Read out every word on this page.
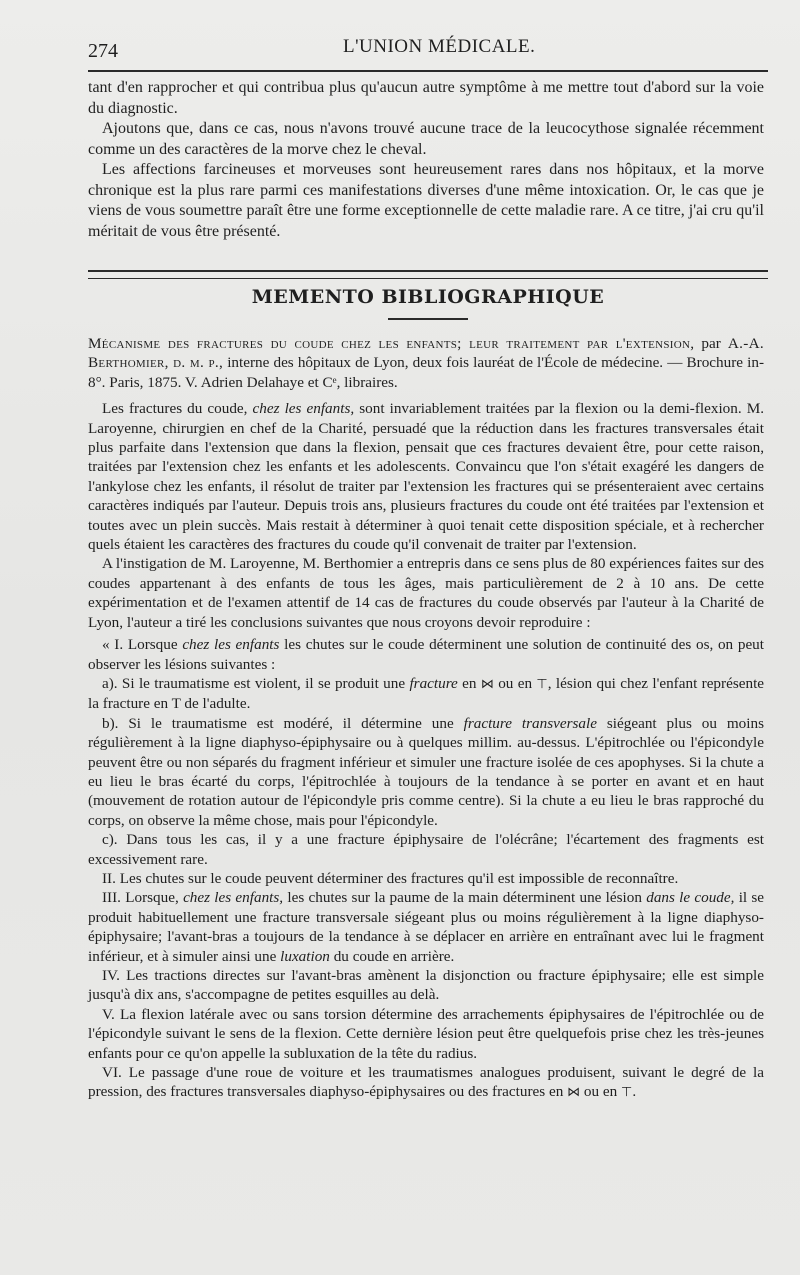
274	L'UNION MÉDICALE.

tant d'en rapprocher et qui contribua plus qu'aucun autre symptôme à me mettre tout d'abord sur la voie du diagnostic.

Ajoutons que, dans ce cas, nous n'avons trouvé aucune trace de la leucocythose signalée récemment comme un des caractères de la morve chez le cheval.

Les affections farcineuses et morveuses sont heureusement rares dans nos hôpitaux, et la morve chronique est la plus rare parmi ces manifestations diverses d'une même intoxication. Or, le cas que je viens de vous soumettre paraît être une forme exceptionnelle de cette maladie rare. A ce titre, j'ai cru qu'il méritait de vous être présenté.

MEMENTO BIBLIOGRAPHIQUE

Mécanisme des fractures du coude chez les enfants; leur traitement par l'extension, par A.-A. Berthomier, d. m. p., interne des hôpitaux de Lyon, deux fois lauréat de l'École de médecine. — Brochure in-8°. Paris, 1875. V. Adrien Delahaye et Cᵉ, libraires.

Les fractures du coude, chez les enfants, sont invariablement traitées par la flexion ou la demi-flexion. M. Laroyenne, chirurgien en chef de la Charité, persuadé que la réduction dans les fractures transversales était plus parfaite dans l'extension que dans la flexion, pensait que ces fractures devaient être, pour cette raison, traitées par l'extension chez les enfants et les adolescents. Convaincu que l'on s'était exagéré les dangers de l'ankylose chez les enfants, il résolut de traiter par l'extension les fractures qui se présenteraient avec certains caractères indiqués par l'auteur. Depuis trois ans, plusieurs fractures du coude ont été traitées par l'extension et toutes avec un plein succès. Mais restait à déterminer à quoi tenait cette disposition spéciale, et à rechercher quels étaient les caractères des fractures du coude qu'il convenait de traiter par l'extension.

A l'instigation de M. Laroyenne, M. Berthomier a entrepris dans ce sens plus de 80 expériences faites sur des coudes appartenant à des enfants de tous les âges, mais particulièrement de 2 à 10 ans. De cette expérimentation et de l'examen attentif de 14 cas de fractures du coude observés par l'auteur à la Charité de Lyon, l'auteur a tiré les conclusions suivantes que nous croyons devoir reproduire :

« I. Lorsque chez les enfants les chutes sur le coude déterminent une solution de continuité des os, on peut observer les lésions suivantes :

a). Si le traumatisme est violent, il se produit une fracture en ⋈ ou en ⊤, lésion qui chez l'enfant représente la fracture en T de l'adulte.

b). Si le traumatisme est modéré, il détermine une fracture transversale siégeant plus ou moins régulièrement à la ligne diaphyso-épiphysaire ou à quelques millim. au-dessus. L'épitrochlée ou l'épicondyle peuvent être ou non séparés du fragment inférieur et simuler une fracture isolée de ces apophyses. Si la chute a eu lieu le bras écarté du corps, l'épitrochlée à toujours de la tendance à se porter en avant et en haut (mouvement de rotation autour de l'épicondyle pris comme centre). Si la chute a eu lieu le bras rapproché du corps, on observe la même chose, mais pour l'épicondyle.

c). Dans tous les cas, il y a une fracture épiphysaire de l'olécrâne; l'écartement des fragments est excessivement rare.

II. Les chutes sur le coude peuvent déterminer des fractures qu'il est impossible de reconnaître.

III. Lorsque, chez les enfants, les chutes sur la paume de la main déterminent une lésion dans le coude, il se produit habituellement une fracture transversale siégeant plus ou moins régulièrement à la ligne diaphyso-épiphysaire; l'avant-bras a toujours de la tendance à se déplacer en arrière en entraînant avec lui le fragment inférieur, et à simuler ainsi une luxation du coude en arrière.

IV. Les tractions directes sur l'avant-bras amènent la disjonction ou fracture épiphysaire; elle est simple jusqu'à dix ans, s'accompagne de petites esquilles au delà.

V. La flexion latérale avec ou sans torsion détermine des arrachements épiphysaires de l'épitrochlée ou de l'épicondyle suivant le sens de la flexion. Cette dernière lésion peut être quelquefois prise chez les très-jeunes enfants pour ce qu'on appelle la subluxation de la tête du radius.

VI. Le passage d'une roue de voiture et les traumatismes analogues produisent, suivant le degré de la pression, des fractures transversales diaphyso-épiphysaires ou des fractures en ⋈ ou en ⊤.
